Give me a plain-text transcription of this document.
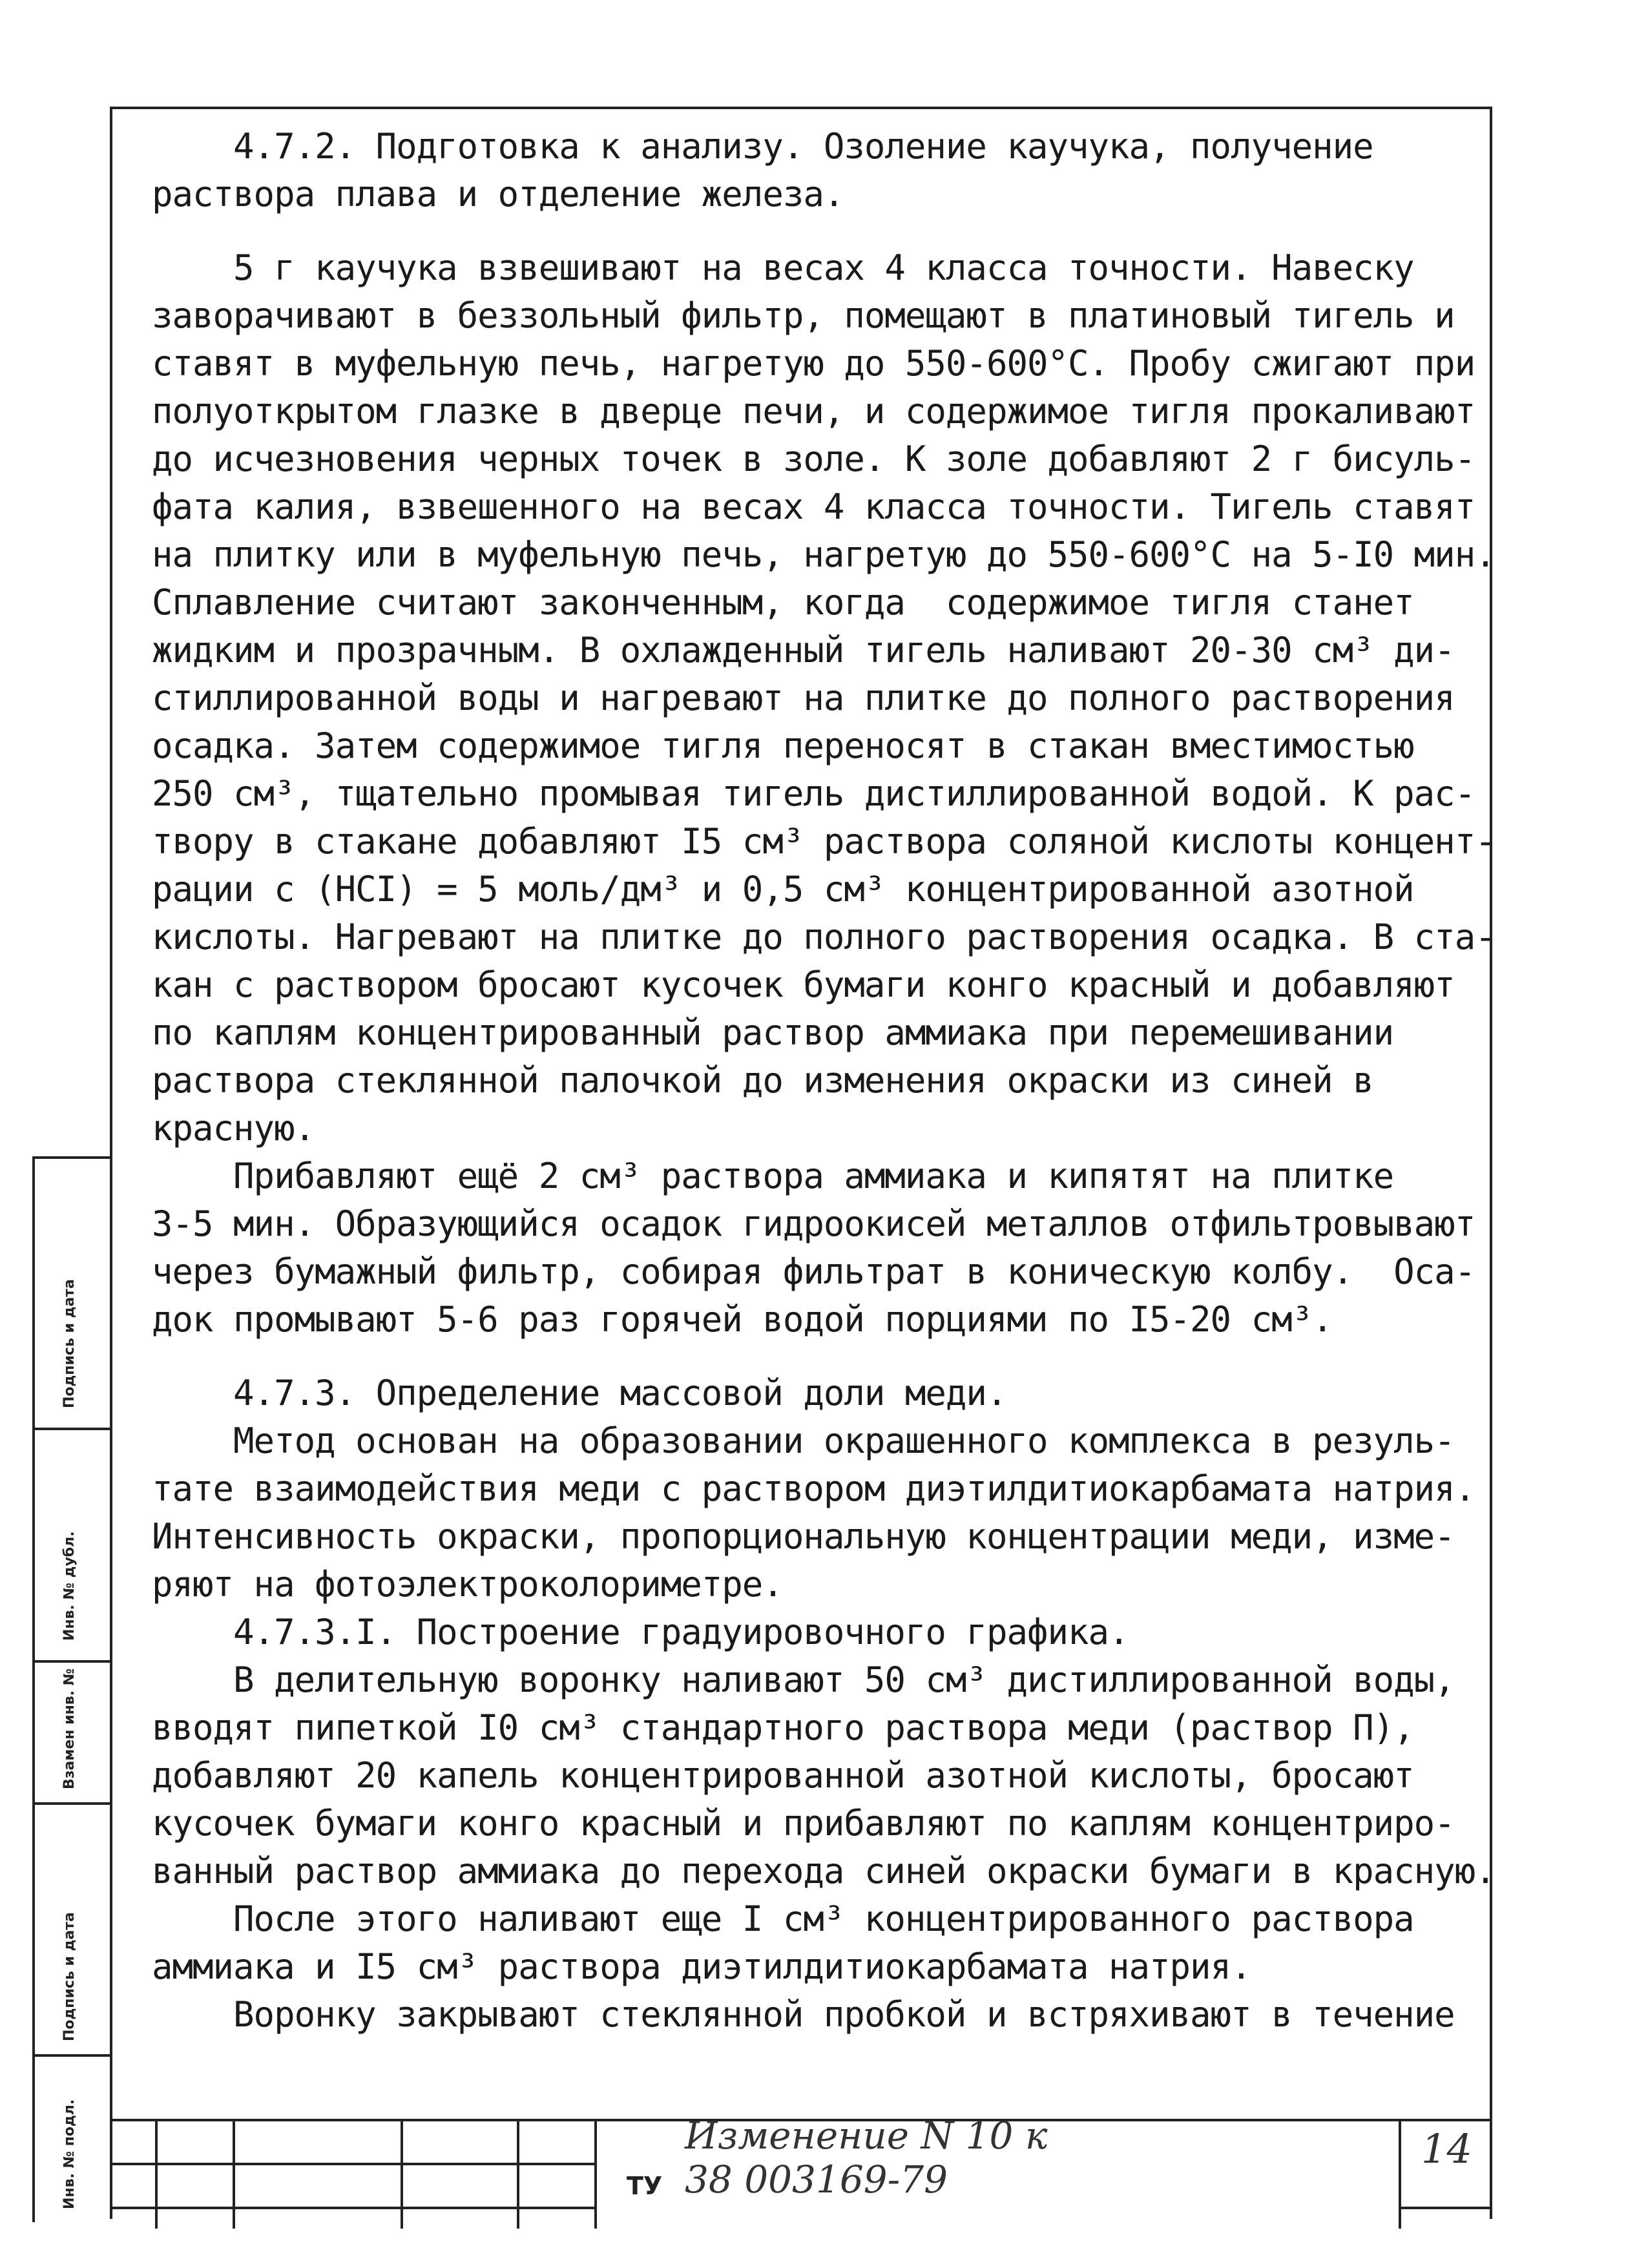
Подпись и дата
Инв. № дубл.
Взамен инв. №
Подпись и дата
Инв. № подл.
4.7.2. Подготовка к анализу. Озоление каучука, получение
раствора плава и отделение железа.
5 г каучука взвешивают на весах 4 класса точности. Навеску
заворачивают в беззольный фильтр, помещают в платиновый тигель и
ставят в муфельную печь, нагретую до 550-600°С. Пробу сжигают при
полуоткрытом глазке в дверце печи, и содержимое тигля прокаливают
до исчезновения черных точек в золе. К золе добавляют 2 г бисуль-
фата калия, взвешенного на весах 4 класса точности. Тигель ставят
на плитку или в муфельную печь, нагретую до 550-600°С на 5-I0 мин.
Сплавление считают законченным, когда  содержимое тигля станет
жидким и прозрачным. В охлажденный тигель наливают 20-30 см³ ди-
стиллированной воды и нагревают на плитке до полного растворения
осадка. Затем содержимое тигля переносят в стакан вместимостью
250 см³, тщательно промывая тигель дистиллированной водой. К рас-
твору в стакане добавляют I5 см³ раствора соляной кислоты концент-
рации с (HCI) = 5 моль/дм³ и 0,5 см³ концентрированной азотной
кислоты. Нагревают на плитке до полного растворения осадка. В ста-
кан с раствором бросают кусочек бумаги конго красный и добавляют
по каплям концентрированный раствор аммиака при перемешивании
раствора стеклянной палочкой до изменения окраски из синей в
красную.
Прибавляют ещё 2 см³ раствора аммиака и кипятят на плитке
3-5 мин. Образующийся осадок гидроокисей металлов отфильтровывают
через бумажный фильтр, собирая фильтрат в коническую колбу.  Оса-
док промывают 5-6 раз горячей водой порциями по I5-20 см³.
4.7.3. Определение массовой доли меди.
Метод основан на образовании окрашенного комплекса в резуль-
тате взаимодействия меди с раствором диэтилдитиокарбамата натрия.
Интенсивность окраски, пропорциональную концентрации меди, изме-
ряют на фотоэлектроколориметре.
4.7.3.I. Построение градуировочного графика.
В делительную воронку наливают 50 см³ дистиллированной воды,
вводят пипеткой I0 см³ стандартного раствора меди (раствор П),
добавляют 20 капель концентрированной азотной кислоты, бросают
кусочек бумаги конго красный и прибавляют по каплям концентриро-
ванный раствор аммиака до перехода синей окраски бумаги в красную.
После этого наливают еще I см³ концентрированного раствора
аммиака и I5 см³ раствора диэтилдитиокарбамата натрия.
Воронку закрывают стеклянной пробкой и встряхивают в течение
Изменение N 10 к
ТУ 38 003169-79
14
